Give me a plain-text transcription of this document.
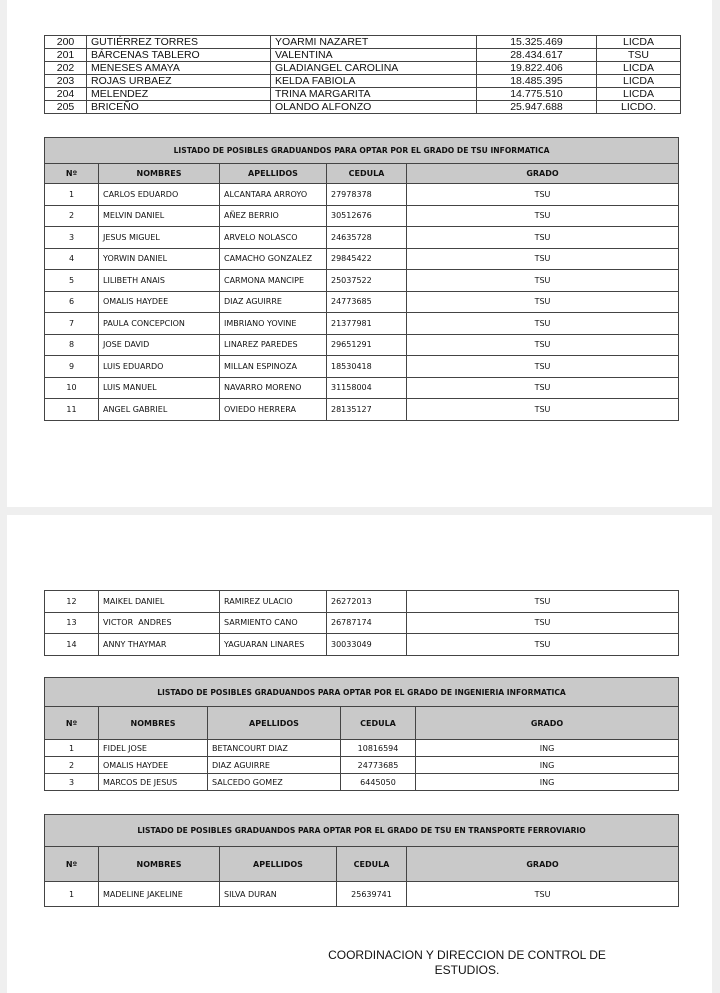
200	GUTIÉRREZ TORRES	YOARMI NAZARET	15.325.469	LICDA
201	BÁRCENAS TABLERO	VALENTINA	28.434.617	TSU
202	MENESES AMAYA	GLADIANGEL CAROLINA	19.822.406	LICDA
203	ROJAS URBAEZ	KELDA FABIOLA	18.485.395	LICDA
204	MELENDEZ	TRINA MARGARITA	14.775.510	LICDA
205	BRICEÑO	OLANDO ALFONZO	25.947.688	LICDO.
LISTADO DE POSIBLES GRADUANDOS PARA OPTAR POR EL GRADO DE TSU INFORMATICA				
Nº	NOMBRES	APELLIDOS	CEDULA	GRADO
1	CARLOS EDUARDO	ALCANTARA ARROYO	27978378	TSU
2	MELVIN DANIEL	AÑEZ BERRIO	30512676	TSU
3	JESUS MIGUEL	ARVELO NOLASCO	24635728	TSU
4	YORWIN DANIEL	CAMACHO GONZALEZ	29845422	TSU
5	LILIBETH ANAIS	CARMONA MANCIPE	25037522	TSU
6	OMALIS HAYDEE	DIAZ AGUIRRE	24773685	TSU
7	PAULA CONCEPCION	IMBRIANO YOVINE	21377981	TSU
8	JOSE DAVID	LINAREZ PAREDES	29651291	TSU
9	LUIS EDUARDO	MILLAN ESPINOZA	18530418	TSU
10	LUIS MANUEL	NAVARRO MORENO	31158004	TSU
11	ANGEL GABRIEL	OVIEDO HERRERA	28135127	TSU
12	MAIKEL DANIEL	RAMIREZ ULACIO	26272013	TSU
13	VICTOR  ANDRES	SARMIENTO CANO	26787174	TSU
14	ANNY THAYMAR	YAGUARAN LINARES	30033049	TSU
LISTADO DE POSIBLES GRADUANDOS PARA OPTAR POR EL GRADO DE INGENIERIA INFORMATICA				
Nº	NOMBRES	APELLIDOS	CEDULA	GRADO
1	FIDEL JOSE	BETANCOURT DIAZ	10816594	ING
2	OMALIS HAYDEE	DIAZ AGUIRRE	24773685	ING
3	MARCOS DE JESUS	SALCEDO GOMEZ	6445050	ING
LISTADO DE POSIBLES GRADUANDOS PARA OPTAR POR EL GRADO DE TSU EN TRANSPORTE FERROVIARIO				
Nº	NOMBRES	APELLIDOS	CEDULA	GRADO
1	MADELINE JAKELINE	SILVA DURAN	25639741	TSU
COORDINACION Y DIRECCION DE CONTROL DE
ESTUDIOS.
